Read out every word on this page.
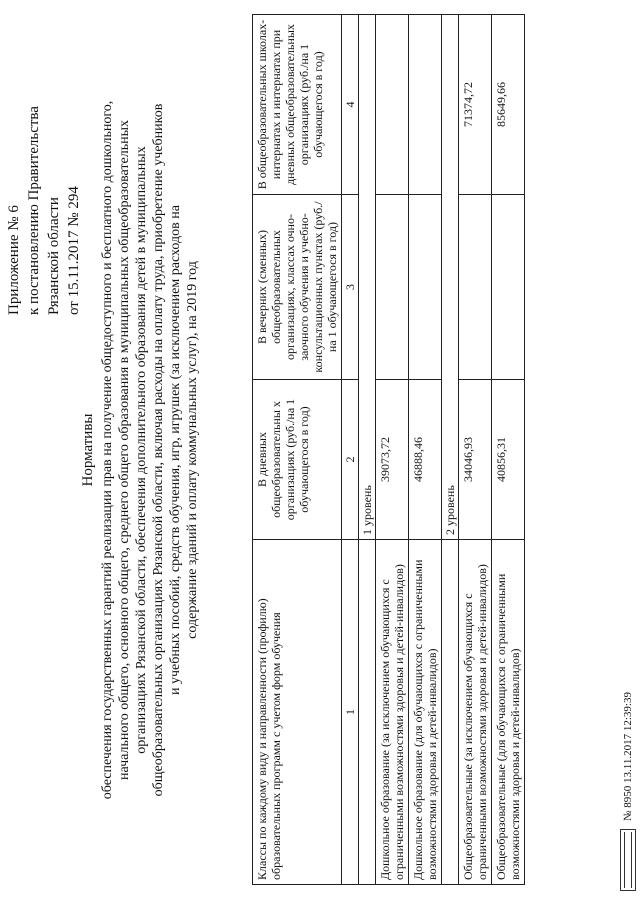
Приложение № 6 к постановлению Правительства Рязанской области от 15.11.2017 № 294
Нормативы обеспечения государственных гарантий реализации прав на получение общедоступного и бесплатного дошкольного, начального общего, основного общего, среднего общего образования в муниципальных общеобразовательных организациях Рязанской области, обеспечения дополнительного образования детей в муниципальных общеобразовательных организациях Рязанской области, включая расходы на оплату труда, приобретение учебников и учебных пособий, средств обучения, игр, игрушек (за исключением расходов на содержание зданий и оплату коммунальных услуг), на 2019 год
Классы по каждому виду и направленности (профилю) образовательных программ с учетом форм обучения	В дневных общеобразовательны х организациях (руб./на 1 обучающегося в год)	В вечерних (сменных) общеобразовательных организациях, классах очно-заочного обучения и учебно-консультационных пунктах (руб./на 1 обучающегося в год)	В общеобразовательных школах-интернатах и интернатах при дневных общеобразовательных организациях (руб./на 1 обучающегося в год)
1	2	3	4
	1 уровень		
Дошкольное образование (за исключением обучающихся с ограниченными возможностями здоровья и детей-инвалидов)	39073,72		
Дошкольное образование (для обучающихся с ограниченными возможностями здоровья и детей-инвалидов)	46888,46		
	2 уровень		
Общеобразовательные (за исключением обучающихся с ограниченными возможностями здоровья и детей-инвалидов)	34046,93		71374,72
Общеобразовательные (для обучающихся с ограниченными возможностями здоровья и детей-инвалидов)	40856,31		85649,66
№ 8950 13.11.2017 12:39:39
